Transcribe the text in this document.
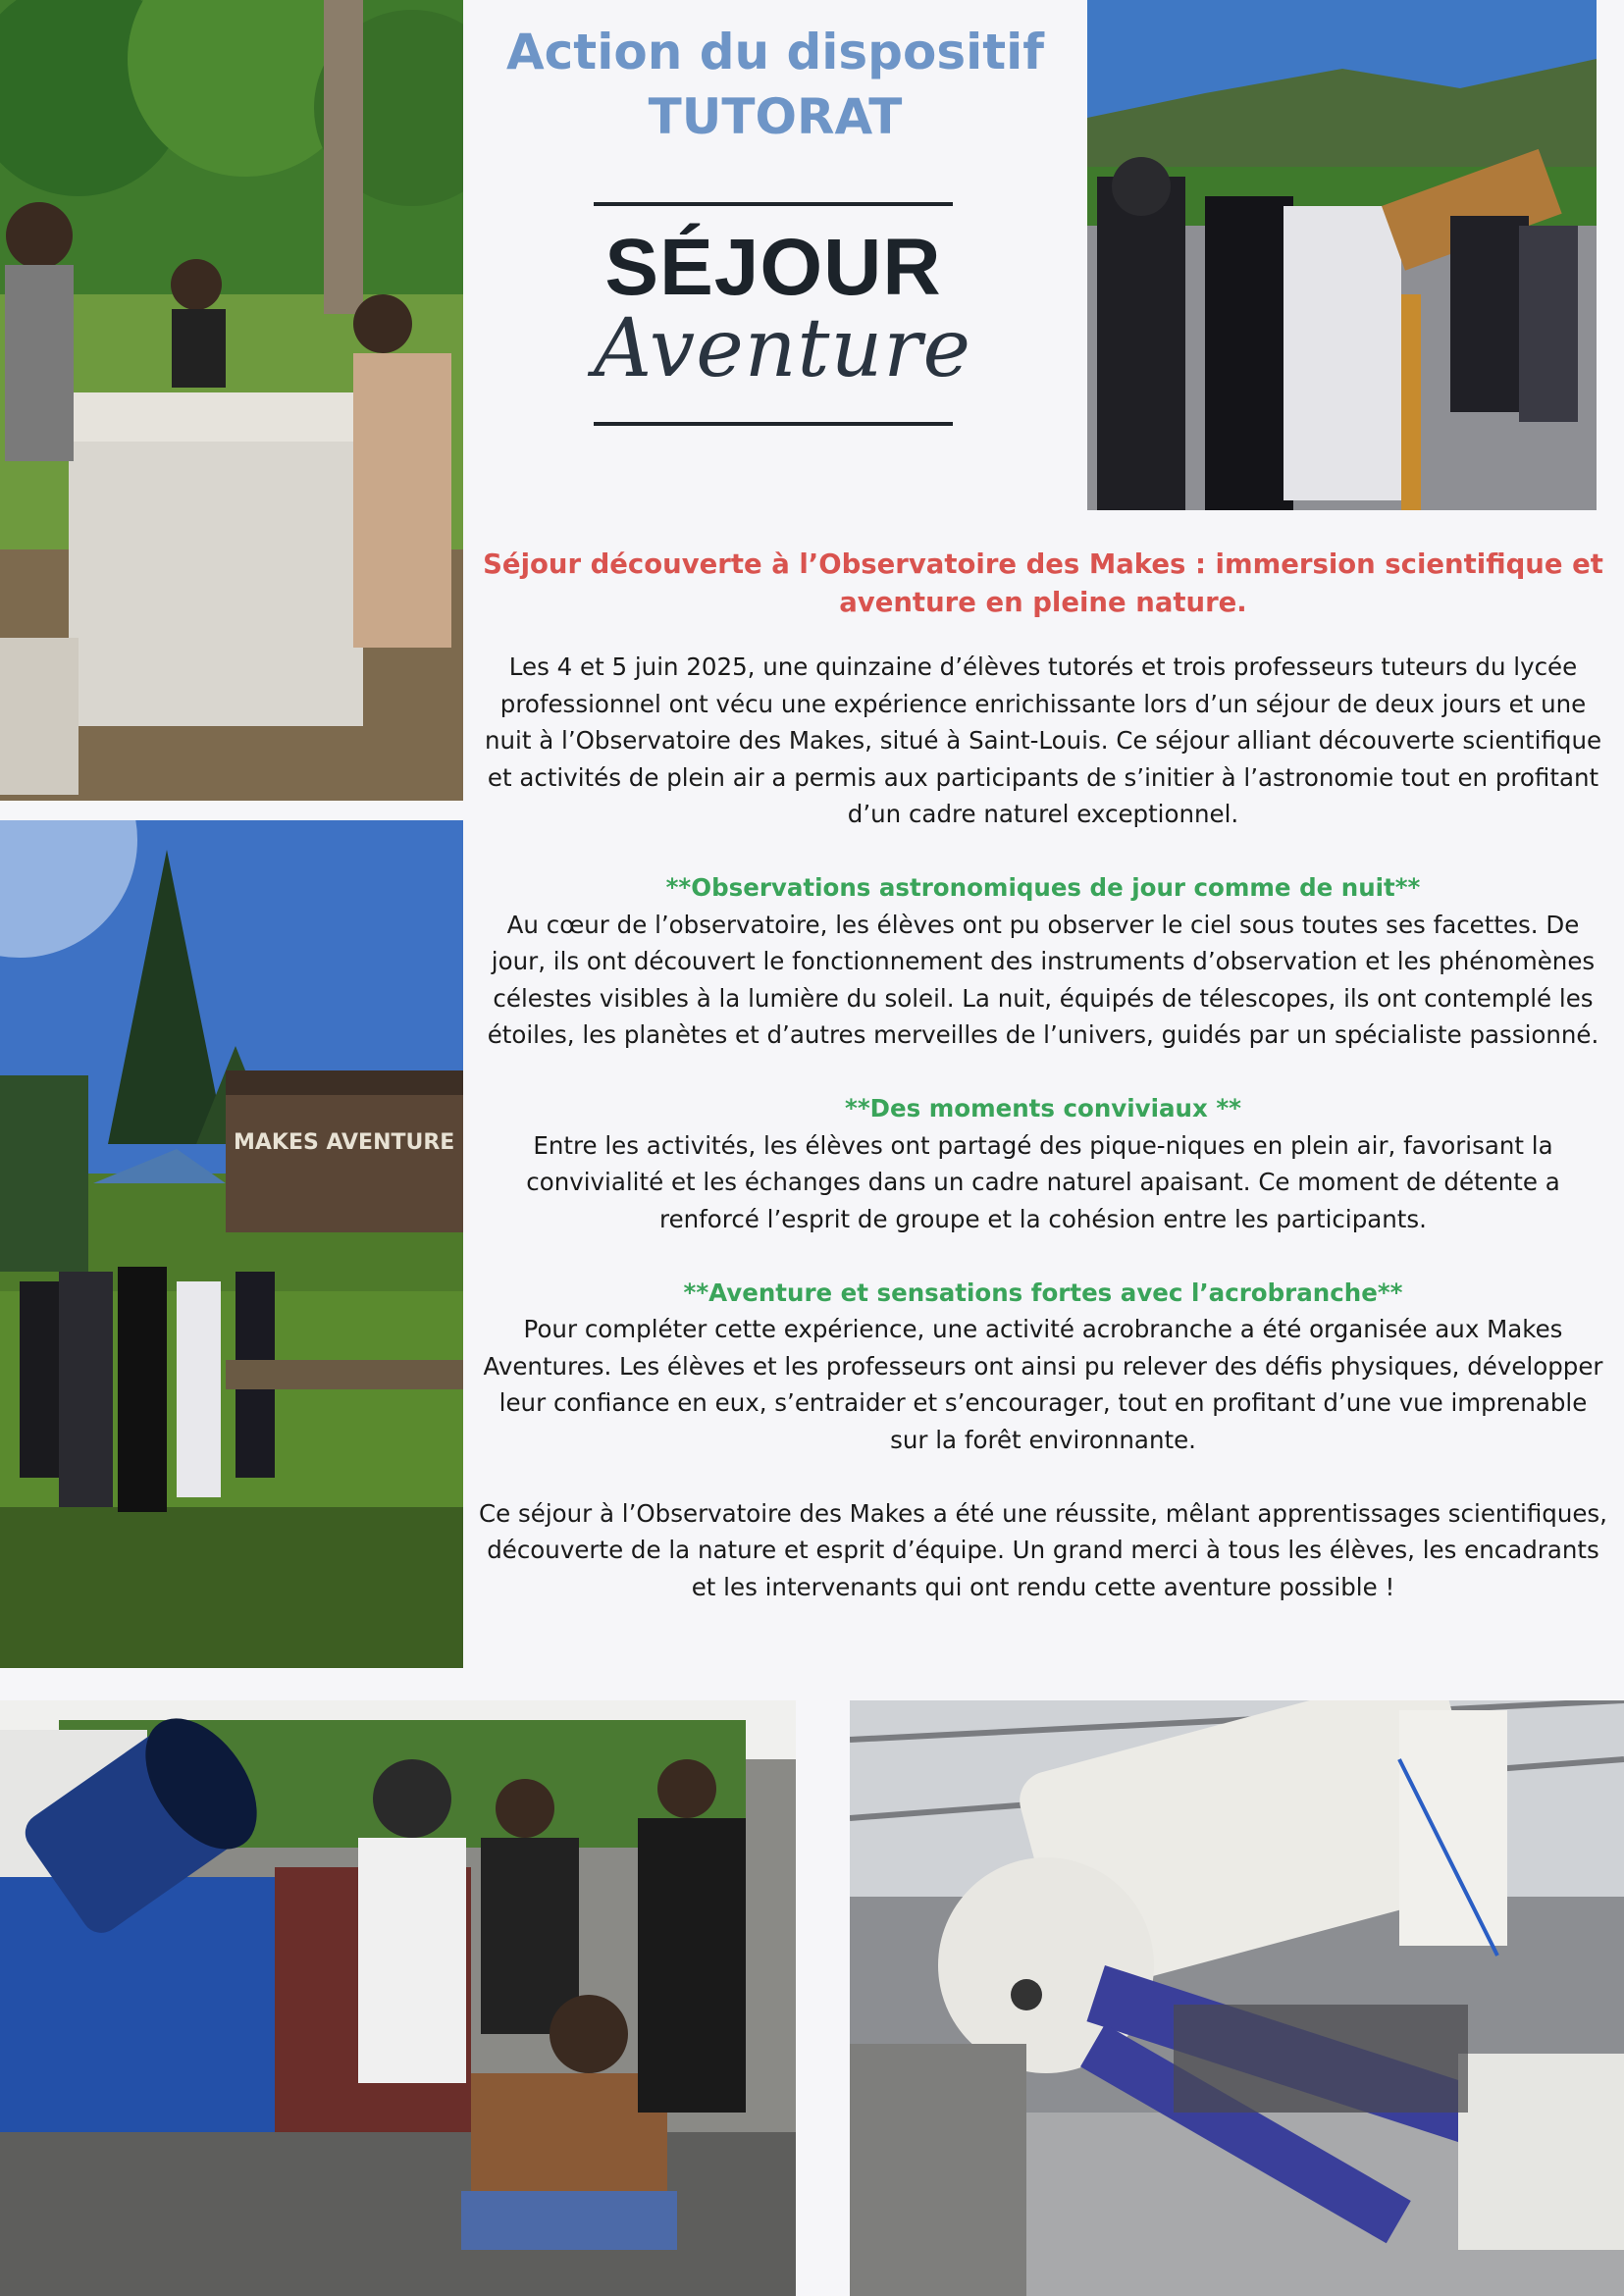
MAKES AVENTURE

Action du dispositif

TUTORAT

SÉJOUR
Aventure

Séjour découverte à l’Observatoire des Makes : immersion scientifique et aventure en pleine nature.

Les 4 et 5 juin 2025, une quinzaine d’élèves tutorés et trois professeurs tuteurs du lycée professionnel ont vécu une expérience enrichissante lors d’un séjour de deux jours et une nuit à l’Observatoire des Makes, situé à Saint-Louis. Ce séjour alliant découverte scientifique et activités de plein air a permis aux participants de s’initier à l’astronomie tout en profitant d’un cadre naturel exceptionnel.

**Observations astronomiques de jour comme de nuit**

Au cœur de l’observatoire, les élèves ont pu observer le ciel sous toutes ses facettes. De jour, ils ont découvert le fonctionnement des instruments d’observation et les phénomènes célestes visibles à la lumière du soleil. La nuit, équipés de télescopes, ils ont contemplé les étoiles, les planètes et d’autres merveilles de l’univers, guidés par un spécialiste passionné.

**Des moments conviviaux **

Entre les activités, les élèves ont partagé des pique-niques en plein air, favorisant la convivialité et les échanges dans un cadre naturel apaisant. Ce moment de détente a renforcé l’esprit de groupe et la cohésion entre les participants.

**Aventure et sensations fortes avec l’acrobranche**

Pour compléter cette expérience, une activité acrobranche a été organisée aux Makes Aventures. Les élèves et les professeurs ont ainsi pu relever des défis physiques, développer leur confiance en eux, s’entraider et s’encourager, tout en profitant d’une vue imprenable sur la forêt environnante.

Ce séjour à l’Observatoire des Makes a été une réussite, mêlant apprentissages scientifiques, découverte de la nature et esprit d’équipe. Un grand merci à tous les élèves, les encadrants et les intervenants qui ont rendu cette aventure possible !
